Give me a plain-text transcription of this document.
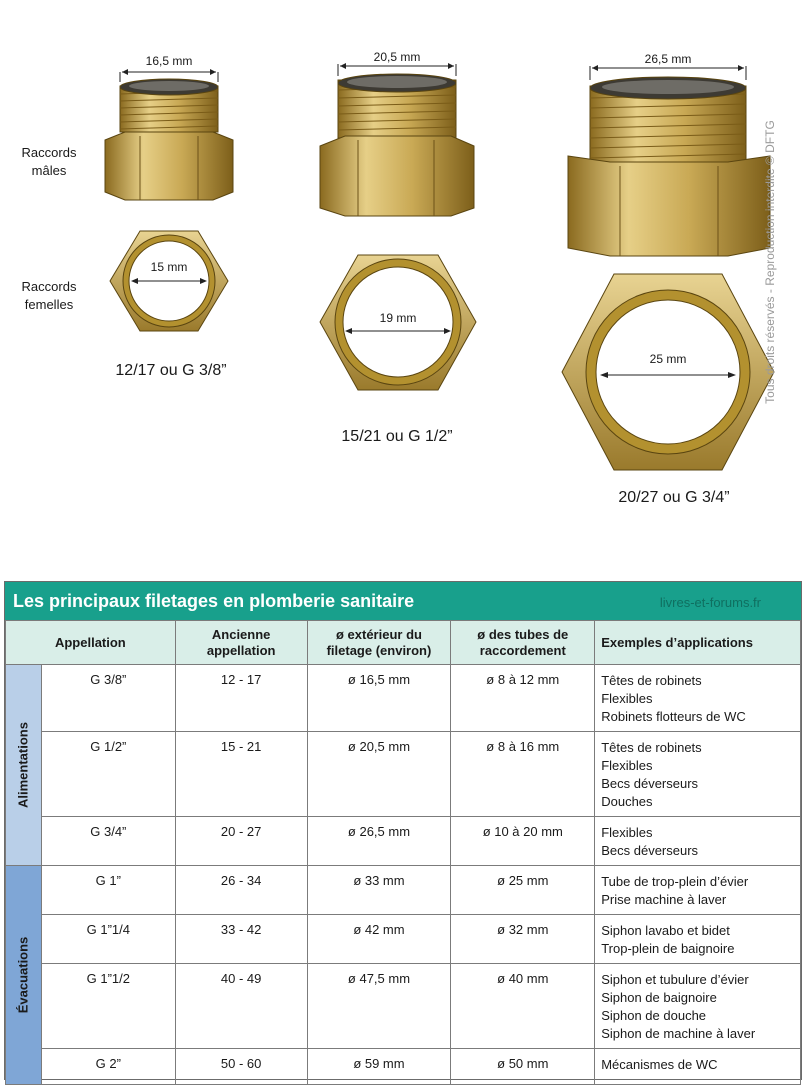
Raccords
mâles
Raccords
femelles
16,5 mm	20,5 mm	26,5 mm
15 mm
19 mm
25 mm
12/17 ou G 3/8”
15/21 ou G 1/2”
20/27 ou G 3/4”
Tous droits réservés - Reproduction interdite © DFTG
Les principaux filetages en plomberie sanitaire	livres-et-forums.fr
Appellation		Ancienne appellation	ø extérieur du filetage (environ)	ø des tubes de raccordement	Exemples d’applications

Alimentations	G 3/8”	12 - 17	ø 16,5 mm	ø 8 à 12 mm	Têtes de robinets
Flexibles
Robinets flotteurs de WC

	G 1/2”	15 - 21	ø 20,5 mm	ø 8 à 16 mm	Têtes de robinets
Flexibles
Becs déverseurs
Douches

	G 3/4”	20 - 27	ø 26,5 mm	ø 10 à 20 mm	Flexibles
Becs déverseurs

Évacuations	G 1”	26 - 34	ø 33 mm	ø 25 mm	Tube de trop-plein d’évier
Prise machine à laver

	G 1”1/4	33 - 42	ø 42 mm	ø 32 mm	Siphon lavabo et bidet
Trop-plein de baignoire

	G 1”1/2	40 - 49	ø 47,5 mm	ø 40 mm	Siphon et tubulure d’évier
Siphon de baignoire
Siphon de douche
Siphon de machine à laver

	G 2”	50 - 60	ø 59 mm	ø 50 mm	Mécanismes de WC
